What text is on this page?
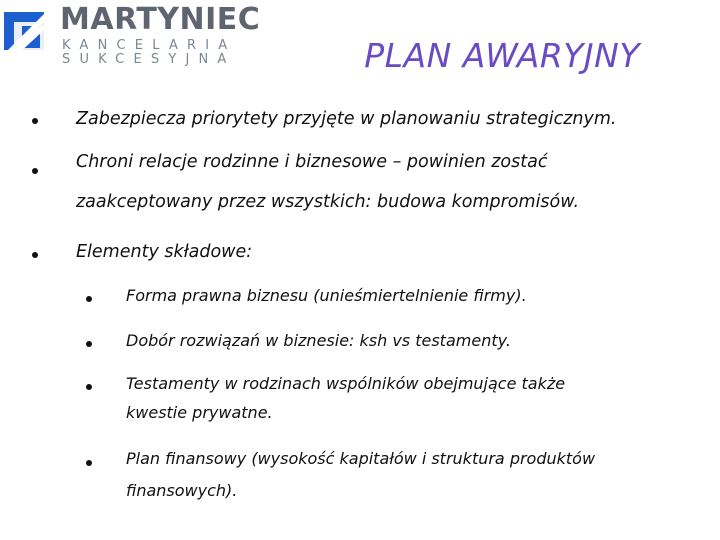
MARTYNIEC
KANCELARIA
SUKCESYJNA	PLAN AWARYJNY
Zabezpiecza priorytety przyjęte w planowaniu strategicznym.
Chroni relacje rodzinne i biznesowe – powinien zostać
zaakceptowany przez wszystkich: budowa kompromisów.
Elementy składowe:
Forma prawna biznesu (unieśmiertelnienie firmy).
Dobór rozwiązań w biznesie: ksh vs testamenty.
Testamenty w rodzinach wspólników obejmujące także
kwestie prywatne.
Plan finansowy (wysokość kapitałów i struktura produktów
finansowych).
